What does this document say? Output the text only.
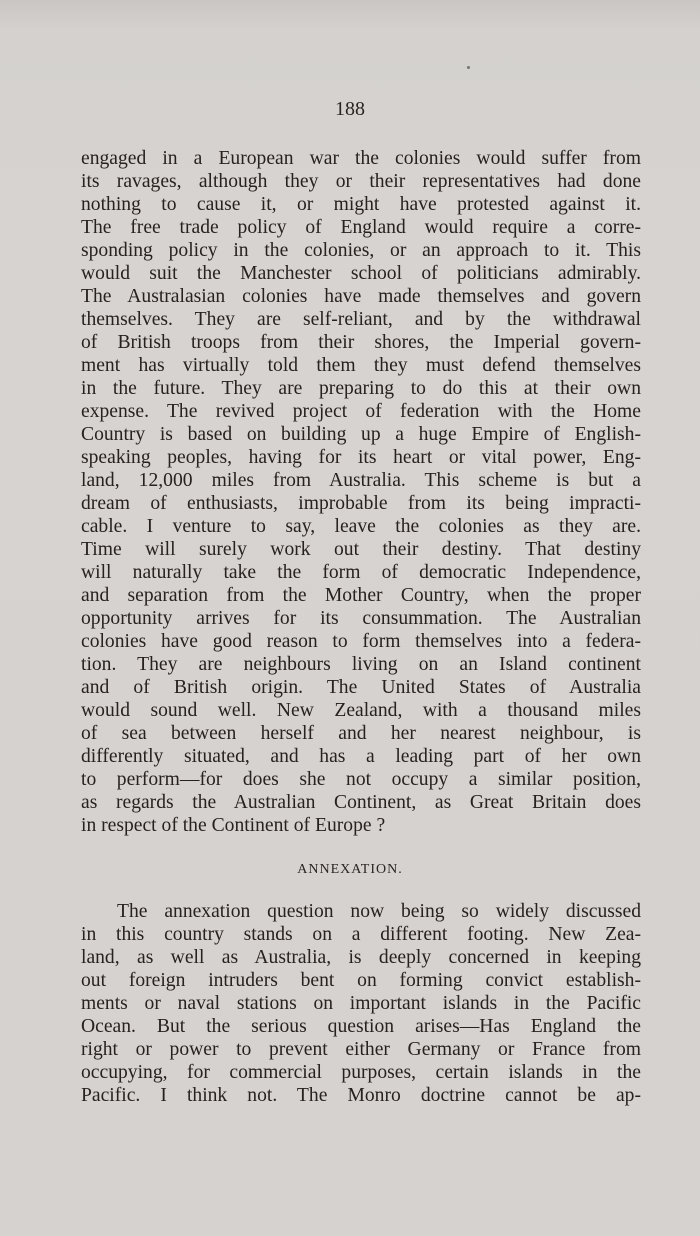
188
engaged in a European war the colonies would suffer from
its ravages, although they or their representatives had done
nothing to cause it, or might have protested against it.
The free trade policy of England would require a corre-
sponding policy in the colonies, or an approach to it. This
would suit the Manchester school of politicians admirably.
The Australasian colonies have made themselves and govern
themselves. They are self-reliant, and by the withdrawal
of British troops from their shores, the Imperial govern-
ment has virtually told them they must defend themselves
in the future. They are preparing to do this at their own
expense. The revived project of federation with the Home
Country is based on building up a huge Empire of English-
speaking peoples, having for its heart or vital power, Eng-
land, 12,000 miles from Australia. This scheme is but a
dream of enthusiasts, improbable from its being impracti-
cable. I venture to say, leave the colonies as they are.
Time will surely work out their destiny. That destiny
will naturally take the form of democratic Independence,
and separation from the Mother Country, when the proper
opportunity arrives for its consummation. The Australian
colonies have good reason to form themselves into a federa-
tion. They are neighbours living on an Island continent
and of British origin. The United States of Australia
would sound well. New Zealand, with a thousand miles
of sea between herself and her nearest neighbour, is
differently situated, and has a leading part of her own
to perform—for does she not occupy a similar position,
as regards the Australian Continent, as Great Britain does
in respect of the Continent of Europe ?
ANNEXATION.
The annexation question now being so widely discussed
in this country stands on a different footing. New Zea-
land, as well as Australia, is deeply concerned in keeping
out foreign intruders bent on forming convict establish-
ments or naval stations on important islands in the Pacific
Ocean. But the serious question arises—Has England the
right or power to prevent either Germany or France from
occupying, for commercial purposes, certain islands in the
Pacific. I think not. The Monro doctrine cannot be ap-
